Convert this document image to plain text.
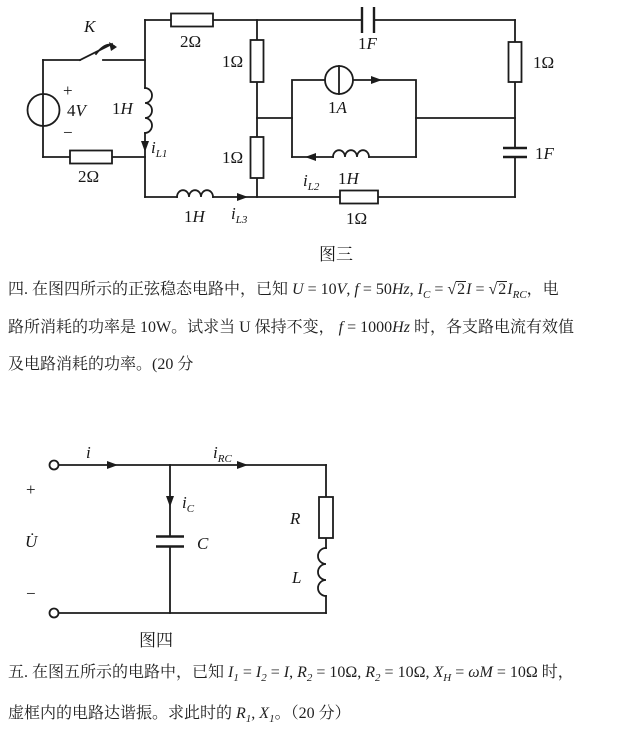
K
+
4V
−
1H
$i_{L1}$
2Ω
2Ω
1Ω
1Ω
1F
1Ω
1F
1A
$i_{L2}$ 1H
1H $i_{L3}$	1Ω
图三
四. 在图四所示的正弦稳态电路中，已知 U = 10V, f = 50Hz, $I_C = √2I = √2I_{RC}$，电
路所消耗的功率是 10W。试求当 U 保持不变， f = 1000Hz 时，各支路电流有效值
及电路消耗的功率。(20 分
i	$i_{RC}$
+
U̇
−
$i_C$
C
R
L
图四
五. 在图五所示的电路中，已知 $I_1 = I_2 = I$, $R_2 = 10\Omega$, $R_2 = 10\Omega$, $X_H = \omega M = 10\Omega$ 时，
虚框内的电路达谐振。求此时的 $R_1$, $X_1$。（20 分）
